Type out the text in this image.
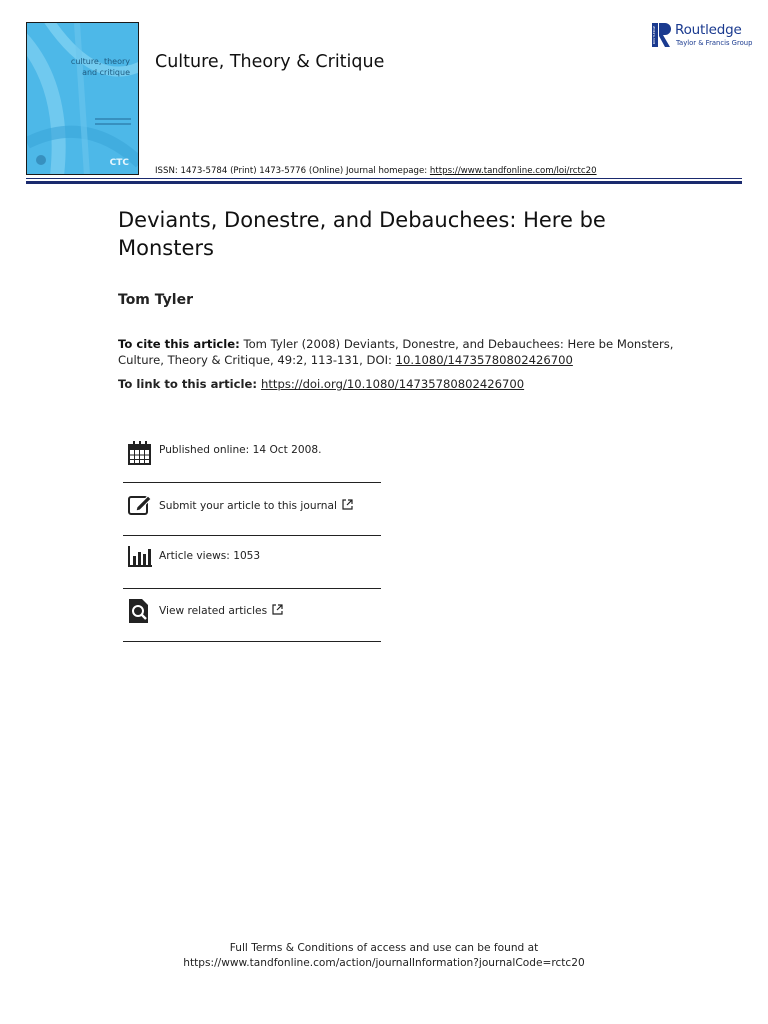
culture, theory
and critique
CTC
Culture, Theory & Critique
ROUTLEDGE Routledge
Taylor & Francis Group
ISSN: 1473-5784 (Print) 1473-5776 (Online) Journal homepage: https://www.tandfonline.com/loi/rctc20
Deviants, Donestre, and Debauchees: Here be Monsters
Tom Tyler
To cite this article: Tom Tyler (2008) Deviants, Donestre, and Debauchees: Here be Monsters, Culture, Theory & Critique, 49:2, 113-131, DOI: 10.1080/14735780802426700
To link to this article: https://doi.org/10.1080/14735780802426700
Published online: 14 Oct 2008.
Submit your article to this journal
Article views: 1053
View related articles
Full Terms & Conditions of access and use can be found at
https://www.tandfonline.com/action/journalInformation?journalCode=rctc20
